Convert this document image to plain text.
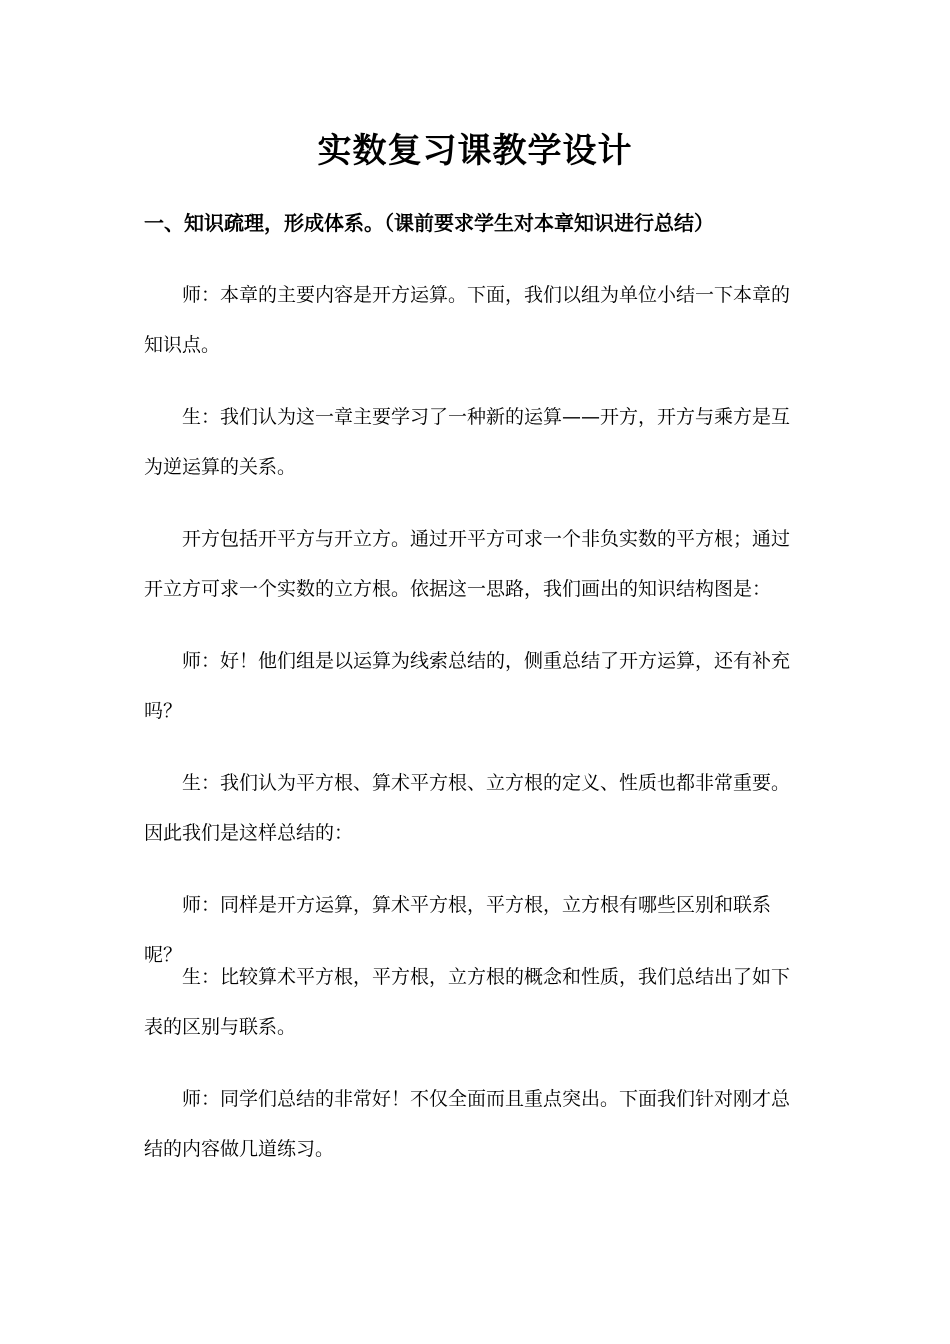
实数复习课教学设计
一、知识疏理，形成体系。（课前要求学生对本章知识进行总结）

师：本章的主要内容是开方运算。下面，我们以组为单位小结一下本章的知识点。

生：我们认为这一章主要学习了一种新的运算——开方，开方与乘方是互为逆运算的关系。

开方包括开平方与开立方。通过开平方可求一个非负实数的平方根；通过开立方可求一个实数的立方根。依据这一思路，我们画出的知识结构图是：

师：好！他们组是以运算为线索总结的，侧重总结了开方运算，还有补充吗？

生：我们认为平方根、算术平方根、立方根的定义、性质也都非常重要。因此我们是这样总结的：

师：同样是开方运算，算术平方根，平方根，立方根有哪些区别和联系呢？

生：比较算术平方根，平方根，立方根的概念和性质，我们总结出了如下表的区别与联系。

师：同学们总结的非常好！不仅全面而且重点突出。下面我们针对刚才总结的内容做几道练习。
